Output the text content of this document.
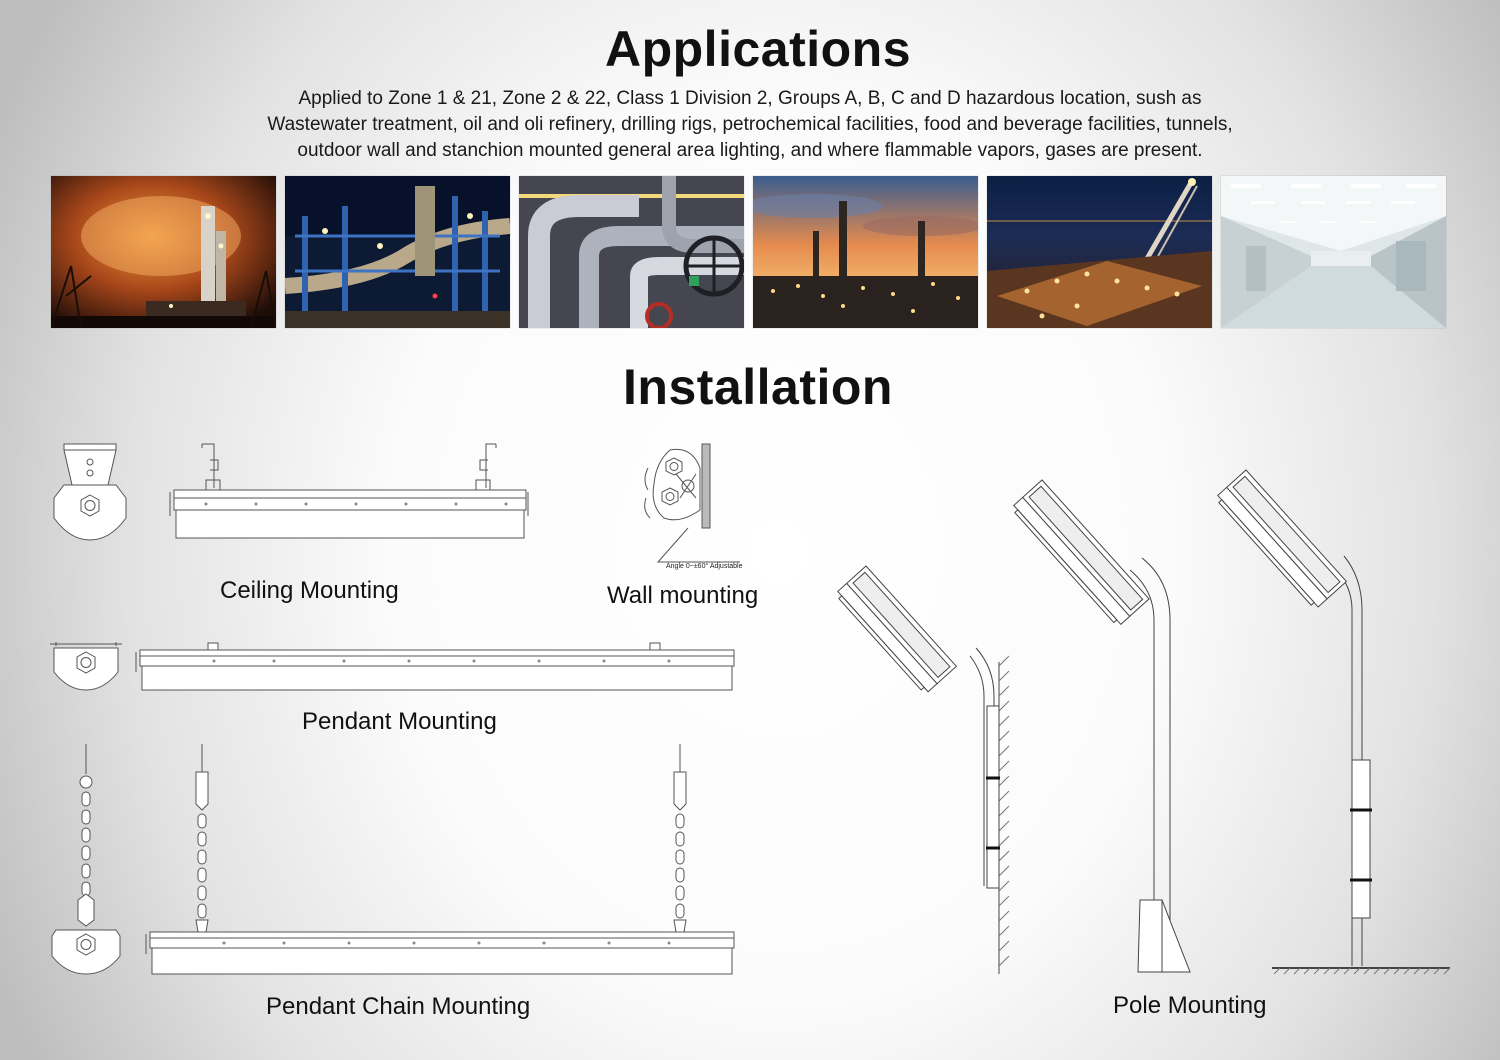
Applications
Applied to Zone 1 & 21, Zone 2 & 22, Class 1 Division 2, Groups A, B, C and D hazardous location, sush as
Wastewater treatment, oil and oli refinery, drilling rigs, petrochemical facilities, food and beverage facilities, tunnels,
outdoor wall and stanchion mounted general area lighting, and where flammable vapors, gases are present.
Installation
Ceiling Mounting
Angle 0~±60° Adjustable
Wall mounting
Pendant Mounting
Pendant Chain Mounting	Pole Mounting
